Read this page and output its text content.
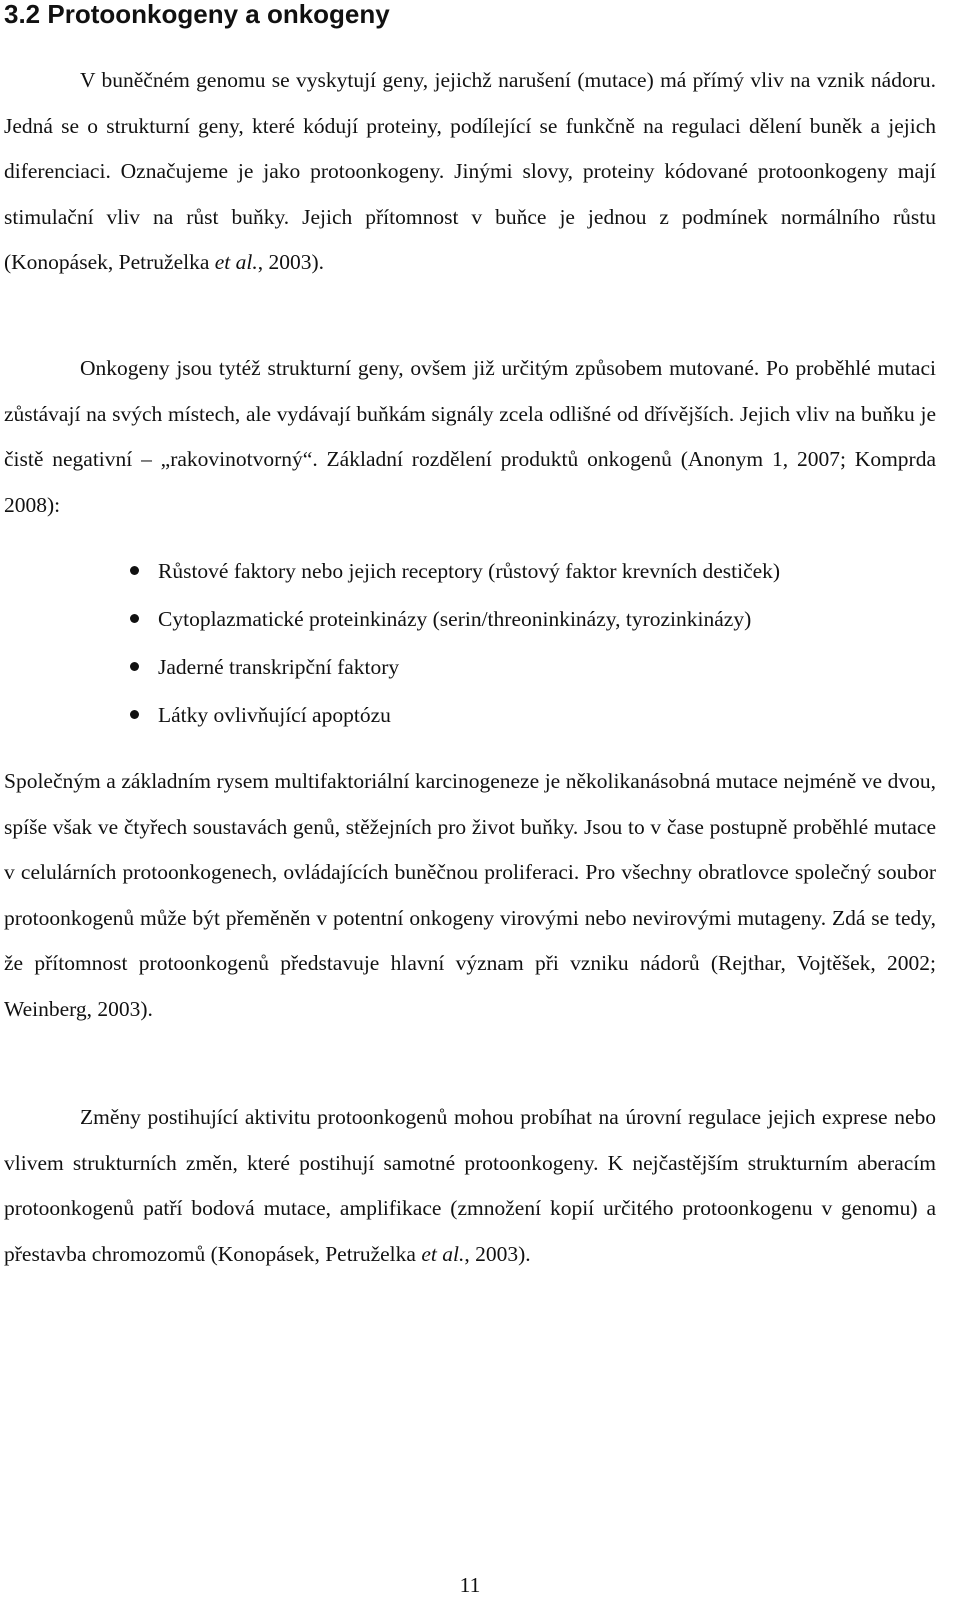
3.2 Protoonkogeny a onkogeny

V buněčném genomu se vyskytují geny, jejichž narušení (mutace) má přímý vliv na vznik nádoru. Jedná se o strukturní geny, které kódují proteiny, podílející se funkčně na regulaci dělení buněk a jejich diferenciaci. Označujeme je jako protoonkogeny. Jinými slovy, proteiny kódované protoonkogeny mají stimulační vliv na růst buňky. Jejich přítomnost v buňce je jednou z podmínek normálního růstu (Konopásek, Petruželka et al., 2003).

Onkogeny jsou tytéž strukturní geny, ovšem již určitým způsobem mutované. Po proběhlé mutaci zůstávají na svých místech, ale vydávají buňkám signály zcela odlišné od dřívějších. Jejich vliv na buňku je čistě negativní – „rakovinotvorný“. Základní rozdělení produktů onkogenů (Anonym 1, 2007; Komprda 2008):

Růstové faktory nebo jejich receptory (růstový faktor krevních destiček)
Cytoplazmatické proteinkinázy (serin/threoninkinázy, tyrozinkinázy)
Jaderné transkripční faktory
Látky ovlivňující apoptózu

Společným a základním rysem multifaktoriální karcinogeneze je několikanásobná mutace nejméně ve dvou, spíše však ve čtyřech soustavách genů, stěžejních pro život buňky. Jsou to v čase postupně proběhlé mutace v celulárních protoonkogenech, ovládajících buněčnou proliferaci. Pro všechny obratlovce společný soubor protoonkogenů může být přeměněn v potentní onkogeny virovými nebo nevirovými mutageny. Zdá se tedy, že přítomnost protoonkogenů představuje hlavní význam při vzniku nádorů (Rejthar, Vojtěšek, 2002; Weinberg, 2003).

Změny postihující aktivitu protoonkogenů mohou probíhat na úrovní regulace jejich exprese nebo vlivem strukturních změn, které postihují samotné protoonkogeny. K nejčastějším strukturním aberacím protoonkogenů patří bodová mutace, amplifikace (zmnožení kopií určitého protoonkogenu v genomu) a přestavba chromozomů (Konopásek, Petruželka et al., 2003).

11
